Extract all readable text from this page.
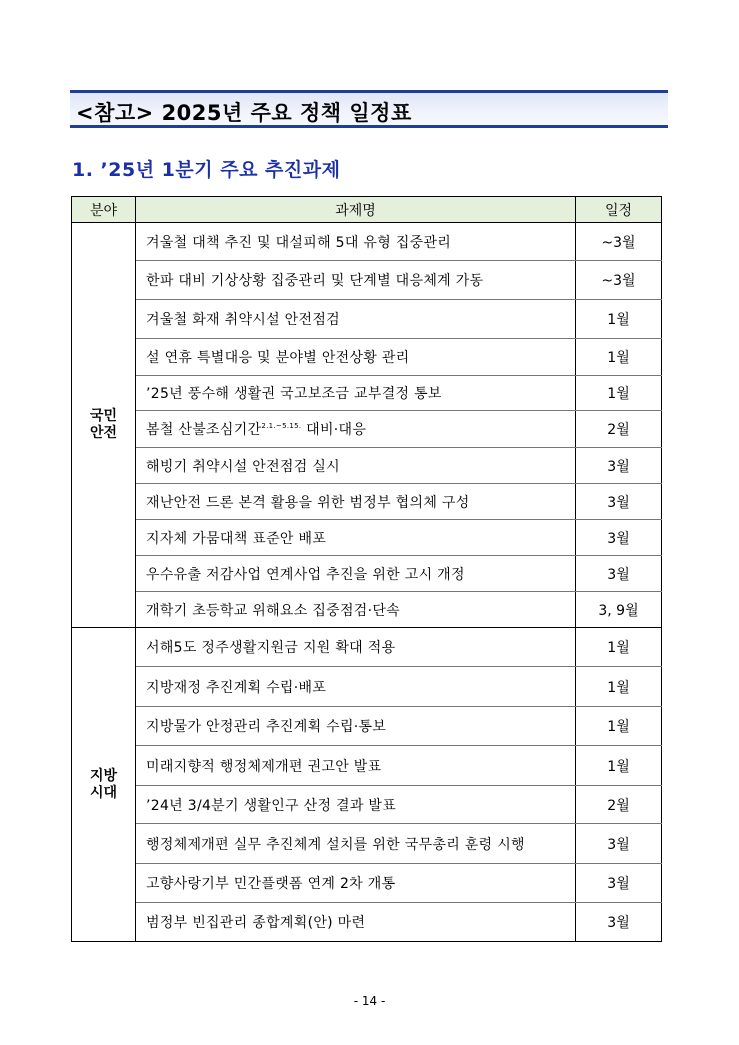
<참고> 2025년 주요 정책 일정표
1. ’25년 1분기 주요 추진과제
분야	과제명	일정
국민
안전	겨울철 대책 추진 및 대설피해 5대 유형 집중관리	~3월
	한파 대비 기상상황 집중관리 및 단계별 대응체계 가동	~3월
	겨울철 화재 취약시설 안전점검	1월
	설 연휴 특별대응 및 분야별 안전상황 관리	1월
	’25년 풍수해 생활권 국고보조금 교부결정 통보	1월
	봄철 산불조심기간$^{2.1.\sim 5.15.}$ 대비·대응	2월
	해빙기 취약시설 안전점검 실시	3월
	재난안전 드론 본격 활용을 위한 범정부 협의체 구성	3월
	지자체 가뭄대책 표준안 배포	3월
	우수유출 저감사업 연계사업 추진을 위한 고시 개정	3월
	개학기 초등학교 위해요소 집중점검·단속	3, 9월
지방
시대	서해5도 정주생활지원금 지원 확대 적용	1월
	지방재정 추진계획 수립·배포	1월
	지방물가 안정관리 추진계획 수립·통보	1월
	미래지향적 행정체제개편 권고안 발표	1월
	’24년 3/4분기 생활인구 산정 결과 발표	2월
	행정체제개편 실무 추진체계 설치를 위한 국무총리 훈령 시행	3월
	고향사랑기부 민간플랫폼 연계 2차 개통	3월
	범정부 빈집관리 종합계획(안) 마련	3월
- 14 -
